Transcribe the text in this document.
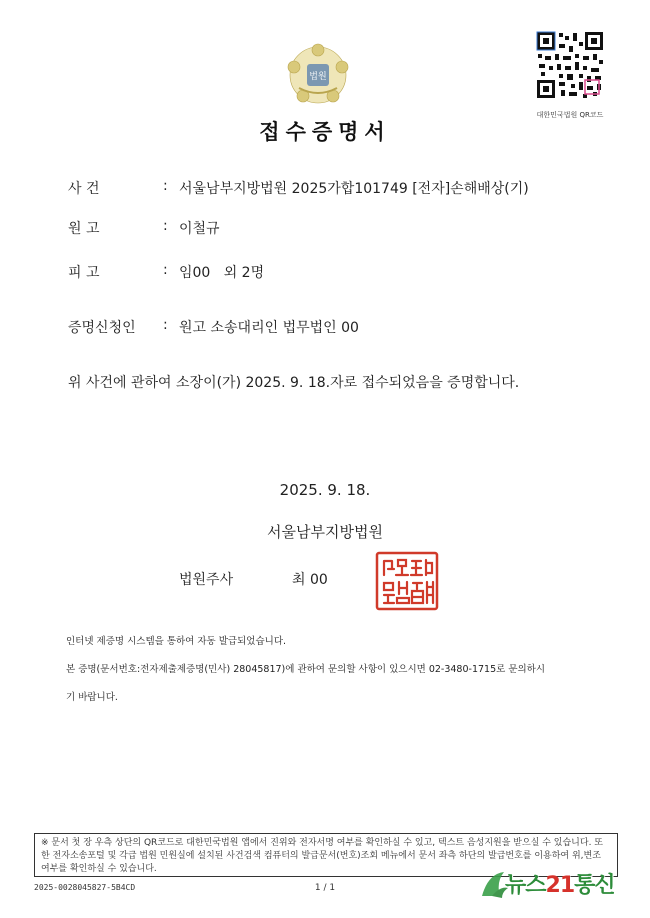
법원
대한민국법원 QR코드
접수증명서
사 건	: 서울남부지방법원 2025가합101749 [전자]손해배상(기)
원 고	: 이철규
피 고	: 임00   외 2명
증명신청인	: 원고 소송대리인 법무법인 00
위 사건에 관하여 소장이(가) 2025. 9. 18.자로 접수되었음을 증명합니다.
2025. 9. 18.
서울남부지방법원
법원주사	최 00
인터넷 제증명 시스템을 통하여 자동 발급되었습니다.
본 증명(문서번호:전자제출제증명(민사) 28045817)에 관하여 문의할 사항이 있으시면 02-3480-1715로 문의하시
기 바랍니다.
※ 문서 첫 장 우측 상단의 QR코드로 대한민국법원 앱에서 진위와 전자서명 여부를 확인하실 수 있고, 텍스트 음성지원을 받으실 수 있습니다. 또한 전자소송포털 및 각급 법원 민원실에 설치된 사건검색 컴퓨터의 발급문서(번호)조회 메뉴에서 문서 좌측 하단의 발급번호를 이용하여 위,변조 여부를 확인하실 수 있습니다.
2025-0028045827-5B4CD	1 / 1	뉴스21통신
